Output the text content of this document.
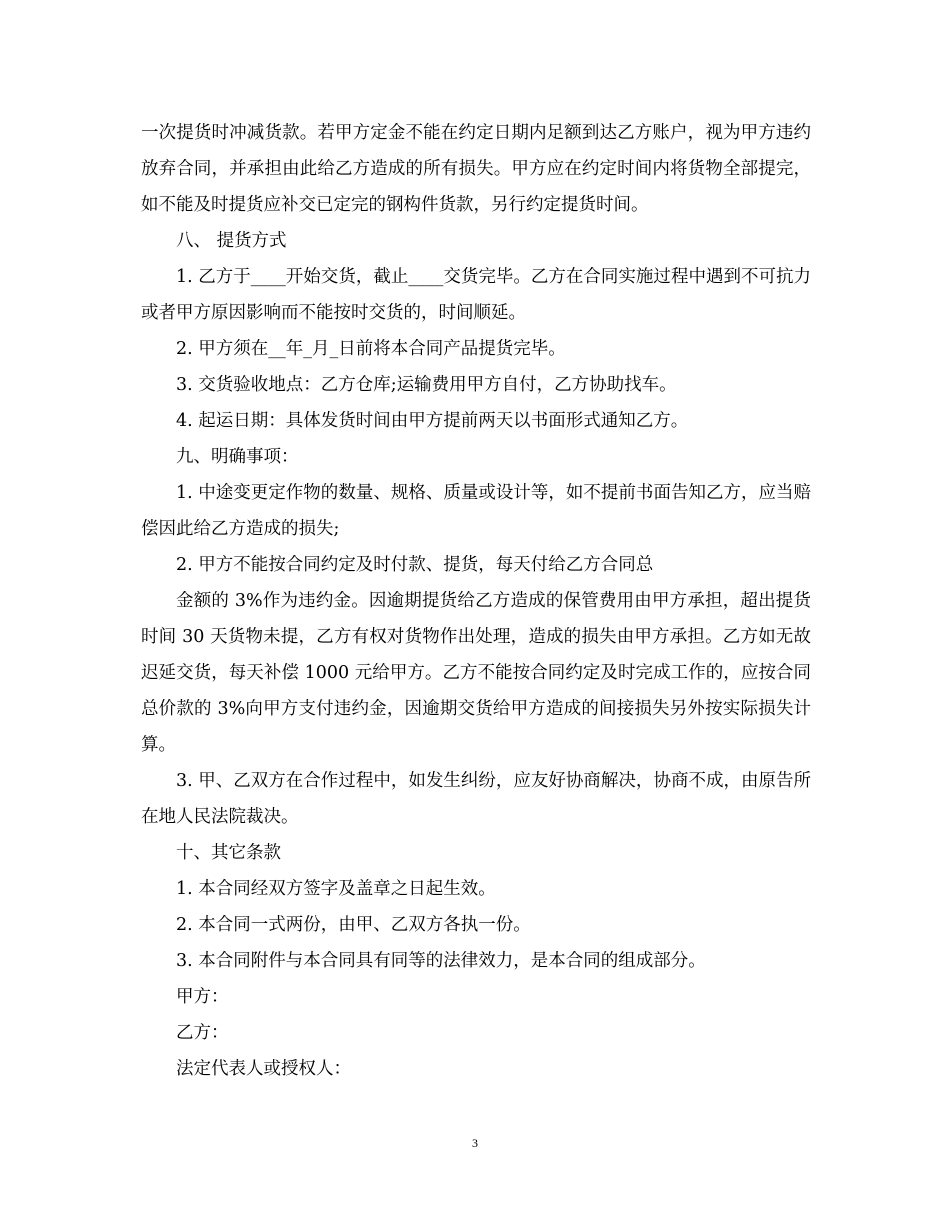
一次提货时冲减货款。若甲方定金不能在约定日期内足额到达乙方账户，视为甲方违约放弃合同，并承担由此给乙方造成的所有损失。甲方应在约定时间内将货物全部提完，如不能及时提货应补交已定完的钢构件货款，另行约定提货时间。

八、 提货方式

1. 乙方于____开始交货，截止____交货完毕。乙方在合同实施过程中遇到不可抗力或者甲方原因影响而不能按时交货的，时间顺延。

2. 甲方须在__年_月_日前将本合同产品提货完毕。

3. 交货验收地点：乙方仓库;运输费用甲方自付，乙方协助找车。

4. 起运日期：具体发货时间由甲方提前两天以书面形式通知乙方。

九、明确事项：

1. 中途变更定作物的数量、规格、质量或设计等，如不提前书面告知乙方，应当赔偿因此给乙方造成的损失;

2. 甲方不能按合同约定及时付款、提货，每天付给乙方合同总

金额的 3%作为违约金。因逾期提货给乙方造成的保管费用由甲方承担，超出提货时间 30 天货物未提，乙方有权对货物作出处理，造成的损失由甲方承担。乙方如无故迟延交货，每天补偿 1000 元给甲方。乙方不能按合同约定及时完成工作的，应按合同总价款的 3%向甲方支付违约金，因逾期交货给甲方造成的间接损失另外按实际损失计算。

3. 甲、乙双方在合作过程中，如发生纠纷，应友好协商解决，协商不成，由原告所在地人民法院裁决。

十、其它条款

1. 本合同经双方签字及盖章之日起生效。

2. 本合同一式两份，由甲、乙双方各执一份。

3. 本合同附件与本合同具有同等的法律效力，是本合同的组成部分。

甲方：

乙方：

法定代表人或授权人：

3
